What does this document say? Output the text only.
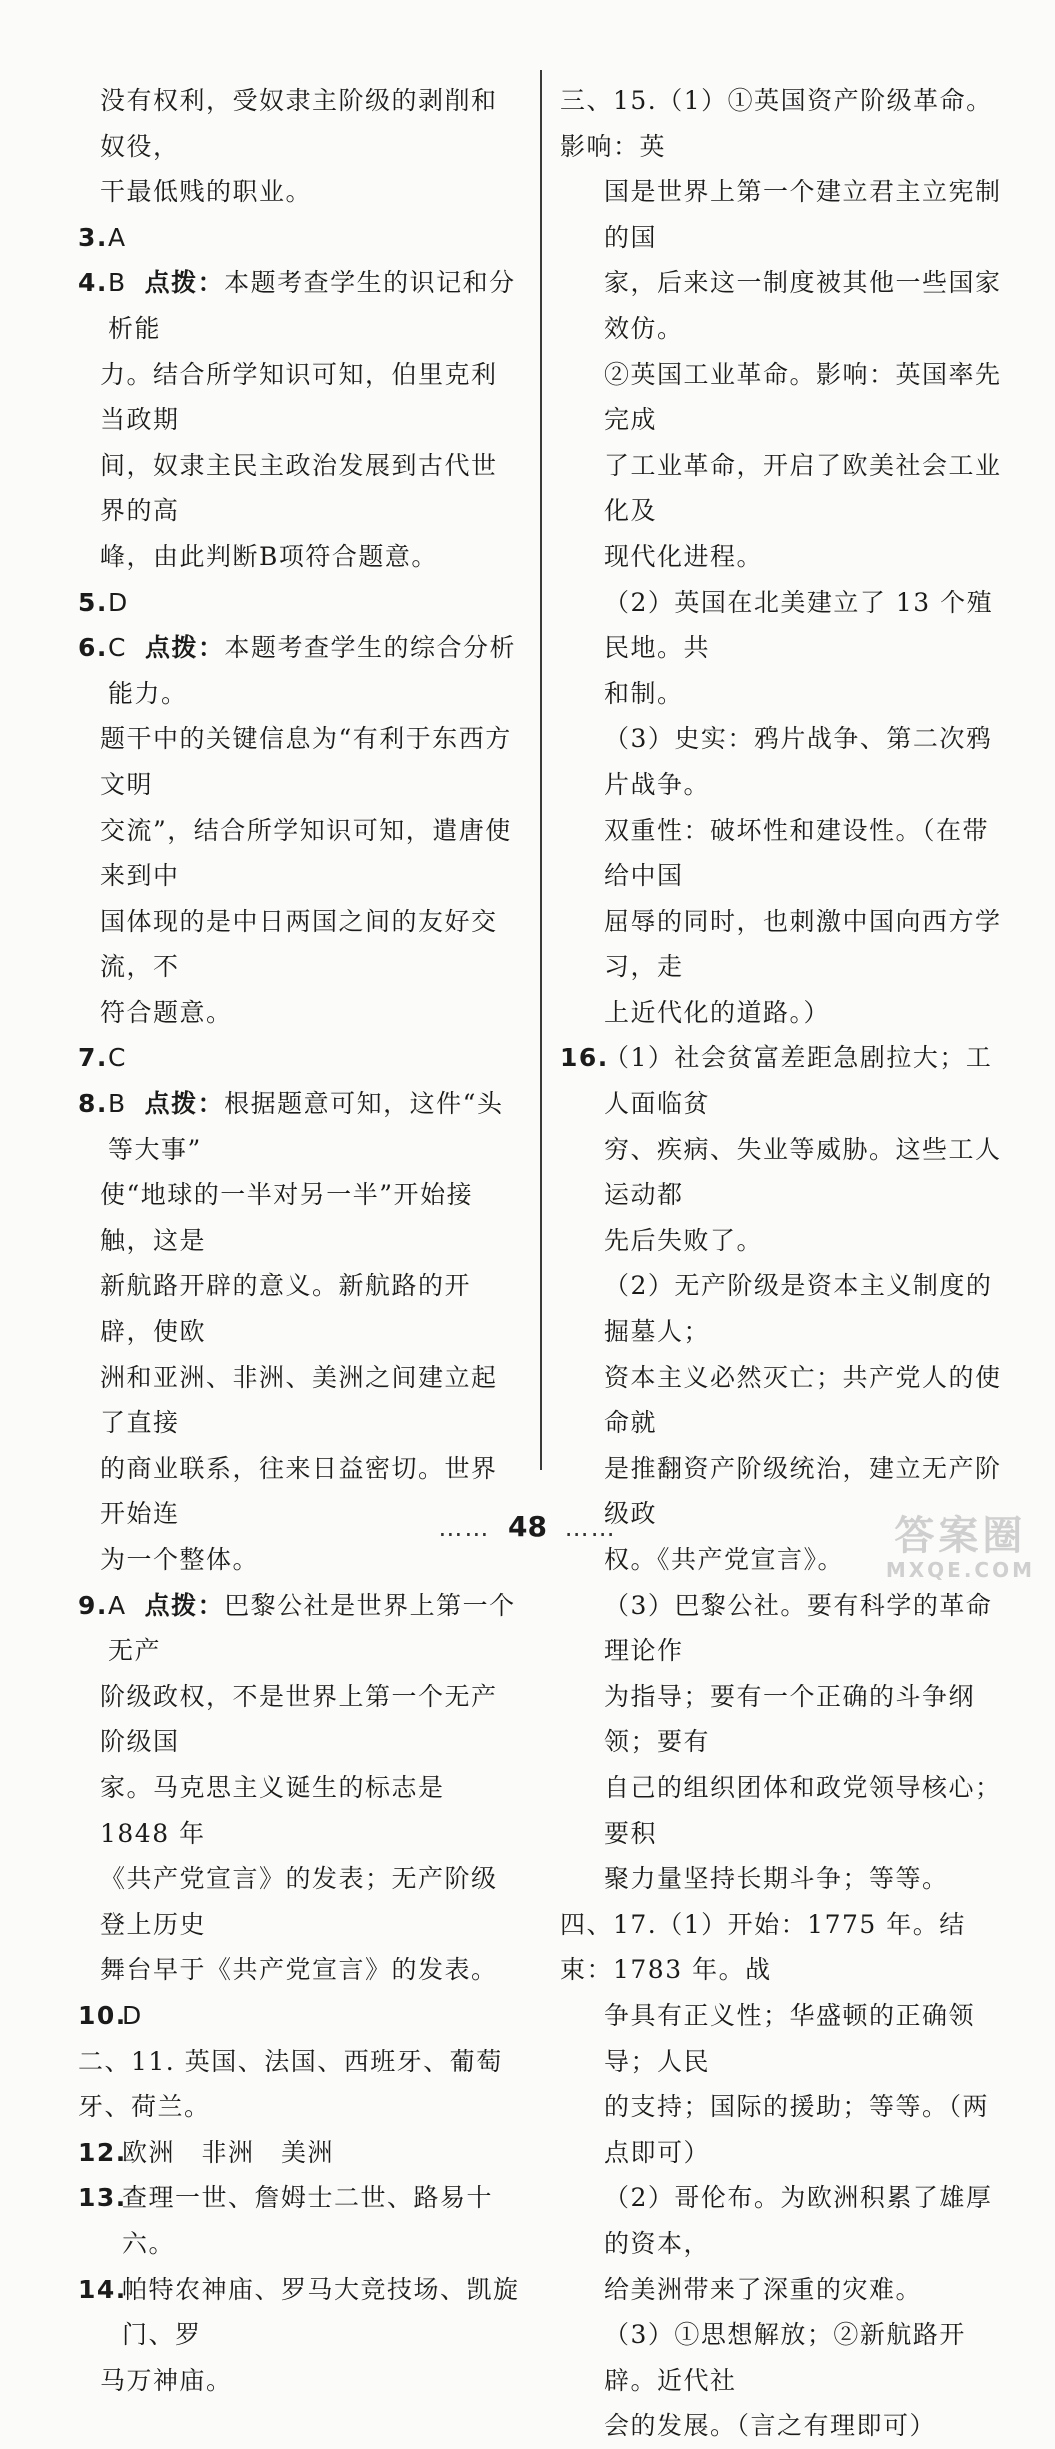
没有权利，受奴隶主阶级的剥削和奴役，
干最低贱的职业。
3. A
4. B 点拨：本题考查学生的识记和分析能
力。结合所学知识可知，伯里克利当政期
间，奴隶主民主政治发展到古代世界的高
峰，由此判断B项符合题意。
5. D
6. C 点拨：本题考查学生的综合分析能力。
题干中的关键信息为“有利于东西方文明
交流”，结合所学知识可知，遣唐使来到中
国体现的是中日两国之间的友好交流，不
符合题意。
7. C
8. B 点拨：根据题意可知，这件“头等大事”
使“地球的一半对另一半”开始接触，这是
新航路开辟的意义。新航路的开辟，使欧
洲和亚洲、非洲、美洲之间建立起了直接
的商业联系，往来日益密切。世界开始连
为一个整体。
9. A 点拨：巴黎公社是世界上第一个无产
阶级政权，不是世界上第一个无产阶级国
家。马克思主义诞生的标志是 1848 年
《共产党宣言》的发表；无产阶级登上历史
舞台早于《共产党宣言》的发表。
10.
D
二、11. 英国、法国、西班牙、葡萄牙、荷兰。
12.
欧洲　非洲　美洲
13.
查理一世、詹姆士二世、路易十六。
14.
帕特农神庙、罗马大竞技场、凯旋门、罗
马万神庙。
三、15.（1）①英国资产阶级革命。影响：英
国是世界上第一个建立君主立宪制的国
家，后来这一制度被其他一些国家效仿。
②英国工业革命。影响：英国率先完成
了工业革命，开启了欧美社会工业化及
现代化进程。
（2）英国在北美建立了 13 个殖民地。共
和制。
（3）史实：鸦片战争、第二次鸦片战争。
双重性：破坏性和建设性。（在带给中国
屈辱的同时，也刺激中国向西方学习，走
上近代化的道路。）
16.
（1）社会贫富差距急剧拉大；工人面临贫
穷、疾病、失业等威胁。这些工人运动都
先后失败了。
（2）无产阶级是资本主义制度的掘墓人；
资本主义必然灭亡；共产党人的使命就
是推翻资产阶级统治，建立无产阶级政
权。《共产党宣言》。
（3）巴黎公社。要有科学的革命理论作
为指导；要有一个正确的斗争纲领；要有
自己的组织团体和政党领导核心；要积
聚力量坚持长期斗争；等等。
四、17.（1）开始：1775 年。结束：1783 年。战
争具有正义性；华盛顿的正确领导；人民
的支持；国际的援助；等等。（两点即可）
（2）哥伦布。为欧洲积累了雄厚的资本，
给美洲带来了深重的灾难。
（3）①思想解放；②新航路开辟。近代社
会的发展。（言之有理即可）
…… 48 ……	答案圈
MXQE.COM
